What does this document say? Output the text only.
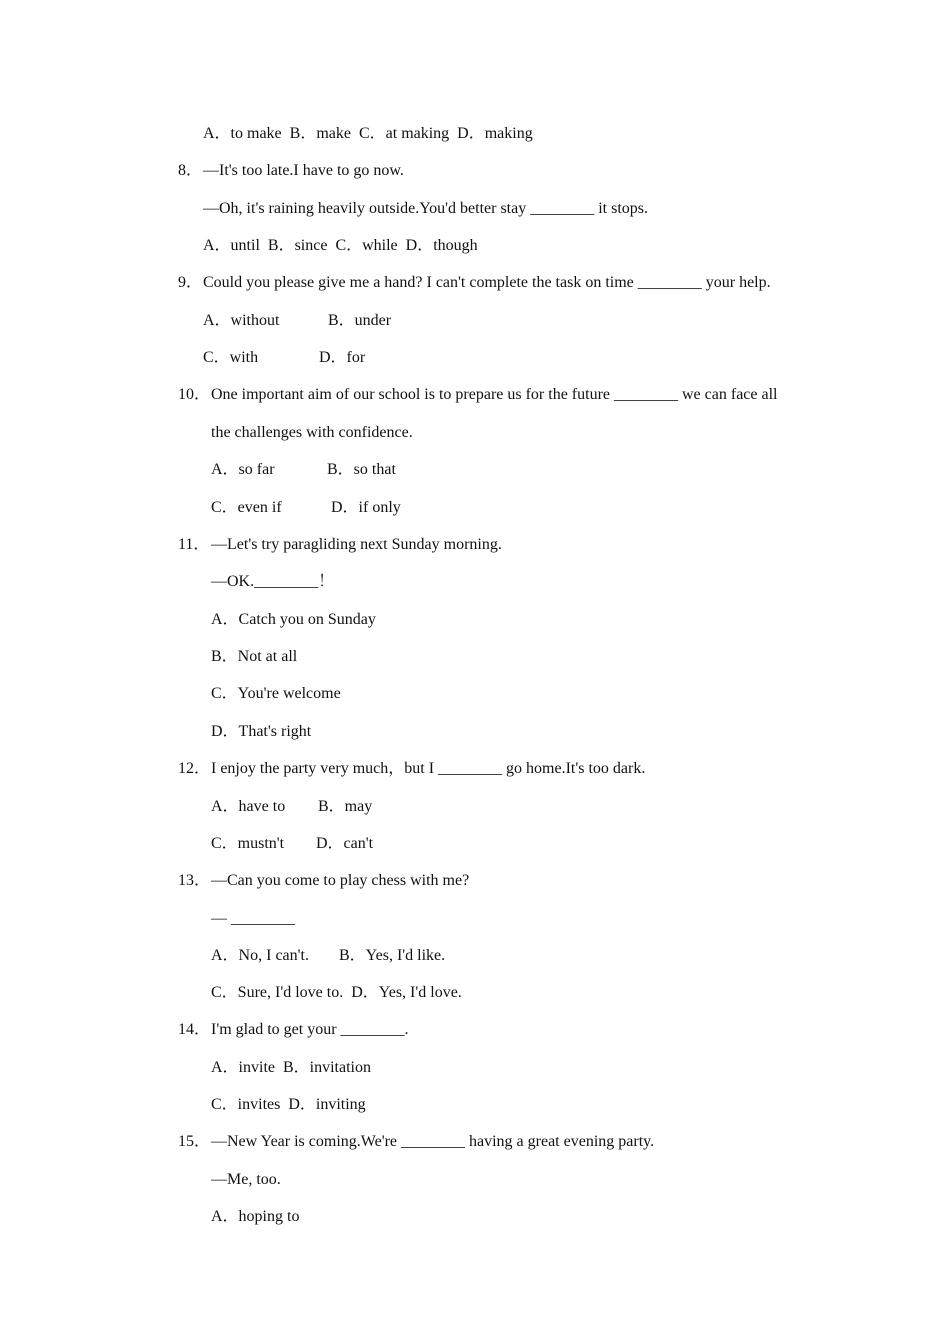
A．to make  B．make  C．at making  D．making
8． —It's too late.I have to go now.
—Oh, it's raining heavily outside.You'd better stay ________ it stops.
A．until  B．since  C．while  D．though
9． Could you please give me a hand? I can't complete the task on time ________ your help.
A．without	B．under
C．with	D．for
10． One important aim of our school is to prepare us for the future ________ we can face all
the challenges with confidence.
A．so far	B．so that
C．even if	D．if only
11． —Let's try paragliding next Sunday morning.
—OK.________！
A．Catch you on Sunday
B．Not at all
C．You're welcome
D．That's right
12． I enjoy the party very much，but I ________ go home.It's too dark.
A．have to B．may
C．mustn't D．can't
13． —Can you come to play chess with me?
— ________
A．No, I can't. B．Yes, I'd like.
C．Sure, I'd love to.  D．Yes, I'd love.
14． I'm glad to get your ________.
A．invite  B．invitation
C．invites  D．inviting
15． —New Year is coming.We're ________ having a great evening party.
—Me, too.
A．hoping to
